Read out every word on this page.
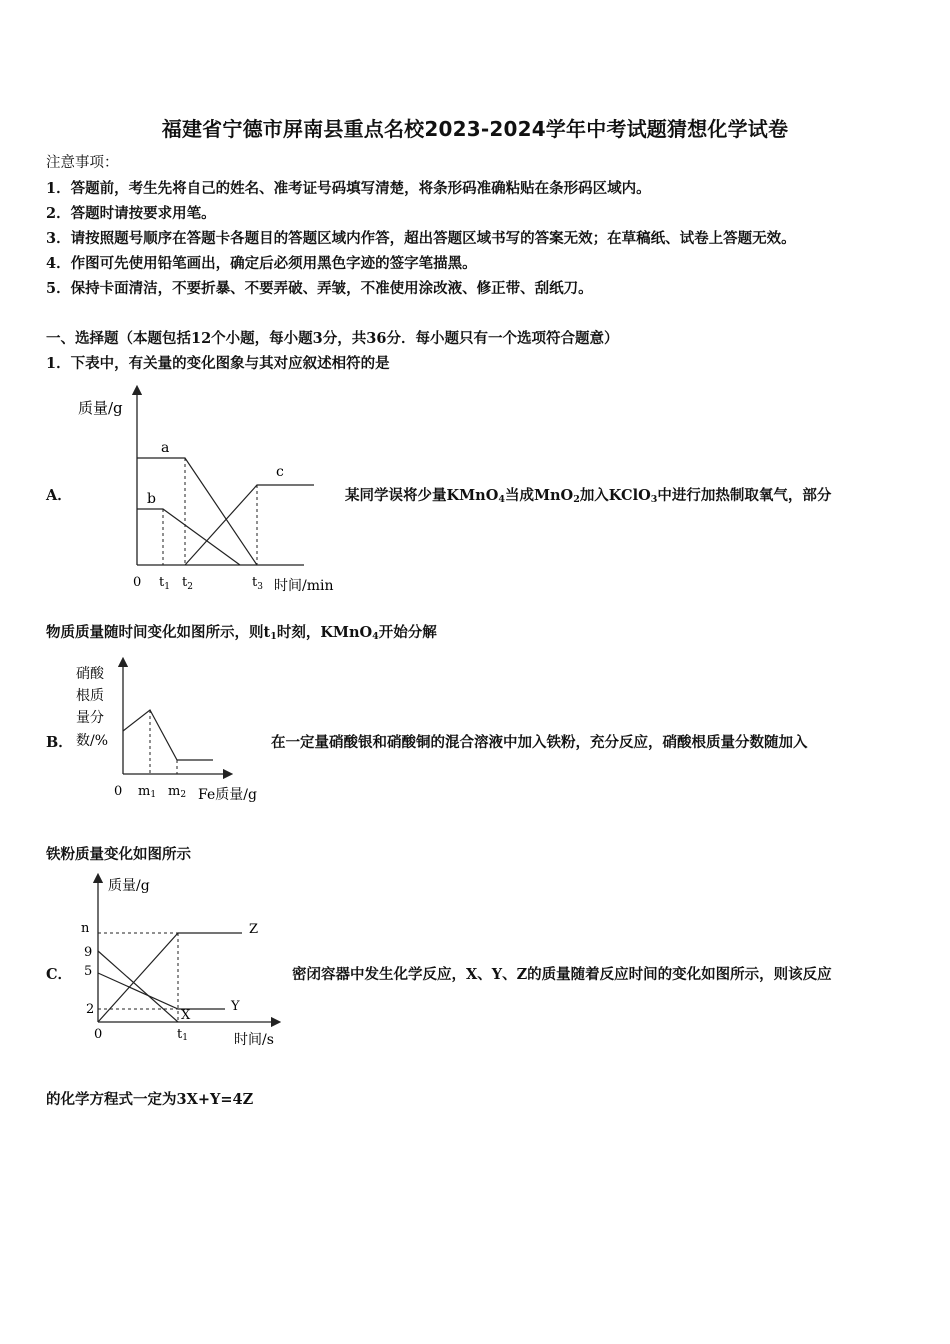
福建省宁德市屏南县重点名校2023-2024学年中考试题猜想化学试卷
注意事项：
1．答题前，考生先将自己的姓名、准考证号码填写清楚，将条形码准确粘贴在条形码区域内。
2．答题时请按要求用笔。
3．请按照题号顺序在答题卡各题目的答题区域内作答，超出答题区域书写的答案无效；在草稿纸、试卷上答题无效。
4．作图可先使用铅笔画出，确定后必须用黑色字迹的签字笔描黑。
5．保持卡面清洁，不要折暴、不要弄破、弄皱，不准使用涂改液、修正带、刮纸刀。
一、选择题（本题包括12个小题，每小题3分，共36分．每小题只有一个选项符合题意）
1．下表中，有关量的变化图象与其对应叙述相符的是
A．
质量/g
a
b
c
0 $t_1$ $t_2$	$t_3$ 时间/min
某同学误将少量KMnO$_4$当成MnO$_2$加入KClO$_3$中进行加热制取氧气，部分
物质质量随时间变化如图所示，则$t_1$时刻，KMnO$_4$开始分解
B．
硝酸
根质
量分
数/%
0 m1 m2 Fe质量/g
在一定量硝酸银和硝酸铜的混合溶液中加入铁粉，充分反应，硝酸根质量分数随加入
铁粉质量变化如图所示
C．
质量/g
n
9
5
2
0	t1
X
Y
Z
时间/s
密闭容器中发生化学反应，X、Y、Z的质量随着反应时间的变化如图所示，则该反应
的化学方程式一定为3X+Y=4Z
